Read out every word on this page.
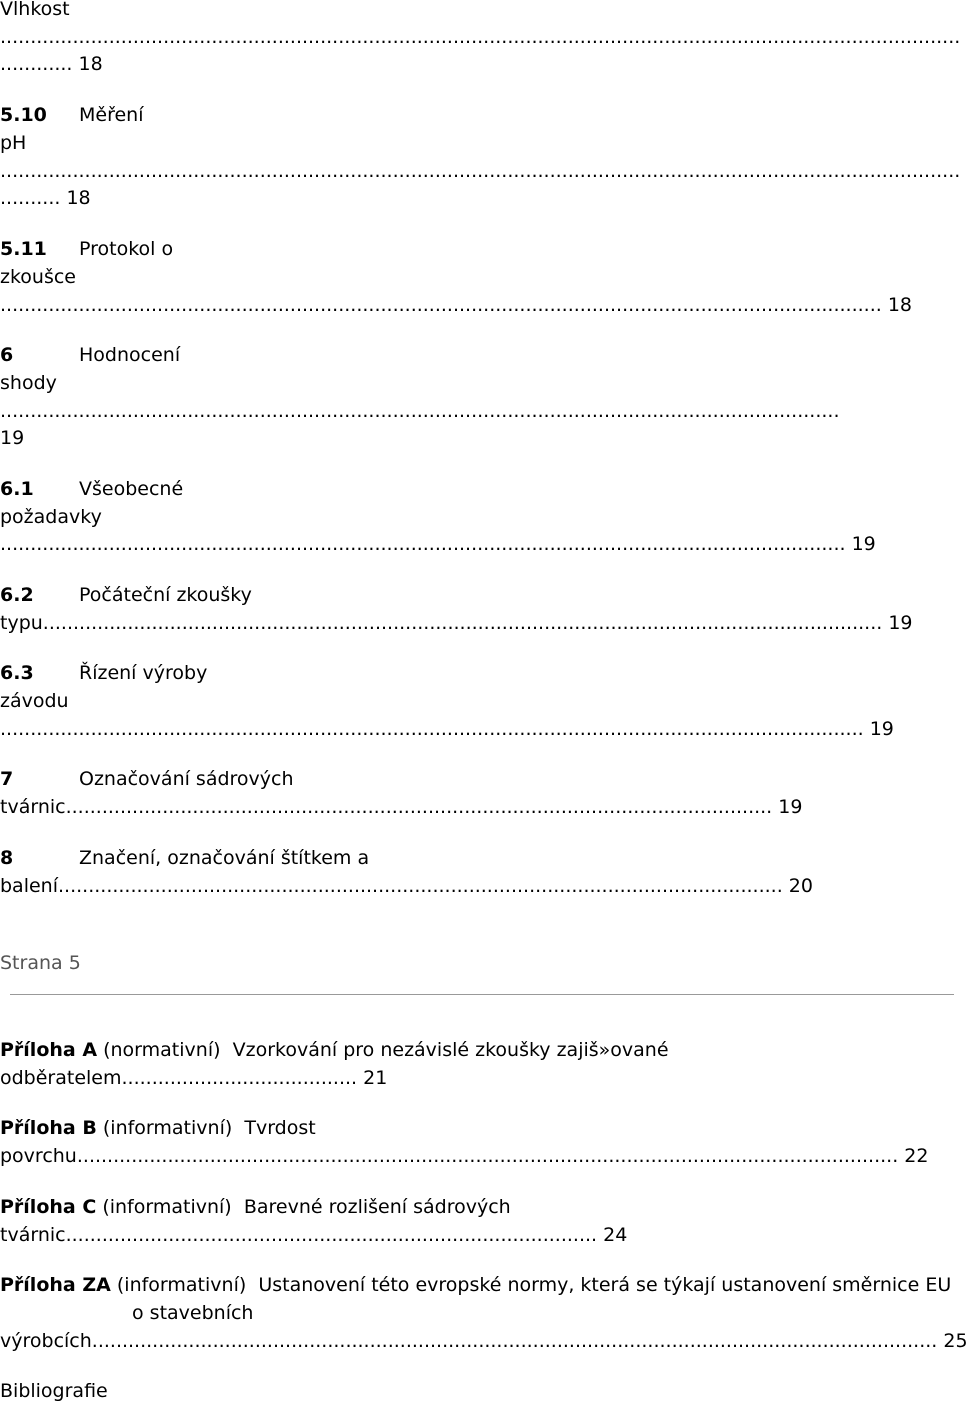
Vlhkost
...............................................................................................................................................................
............ 18
5.10 Měření
pH
...............................................................................................................................................................
.......... 18
5.11 Protokol o
zkoušce
.................................................................................................................................................. 18
6	Hodnocení
shody
...........................................................................................................................................
19
6.1 Všeobecné
požadavky
............................................................................................................................................ 19
6.2 Počáteční zkoušky
typu........................................................................................................................................... 19
6.3 Řízení výroby
závodu
............................................................................................................................................... 19
7	Označování sádrových
tvárnic..................................................................................................................... 19
8	Značení, označování štítkem a
balení........................................................................................................................ 20
Strana 5
Příloha A (normativní) Vzorkování pro nezávislé zkoušky zajiš»ované
odběratelem....................................... 21
Příloha B (informativní) Tvrdost
povrchu........................................................................................................................................ 22
Příloha C (informativní) Barevné rozlišení sádrových
tvárnic........................................................................................ 24
Příloha ZA (informativní) Ustanovení této evropské normy, která se týkají ustanovení směrnice EU
o stavebních
výrobcích............................................................................................................................................ 25
Bibliografie
